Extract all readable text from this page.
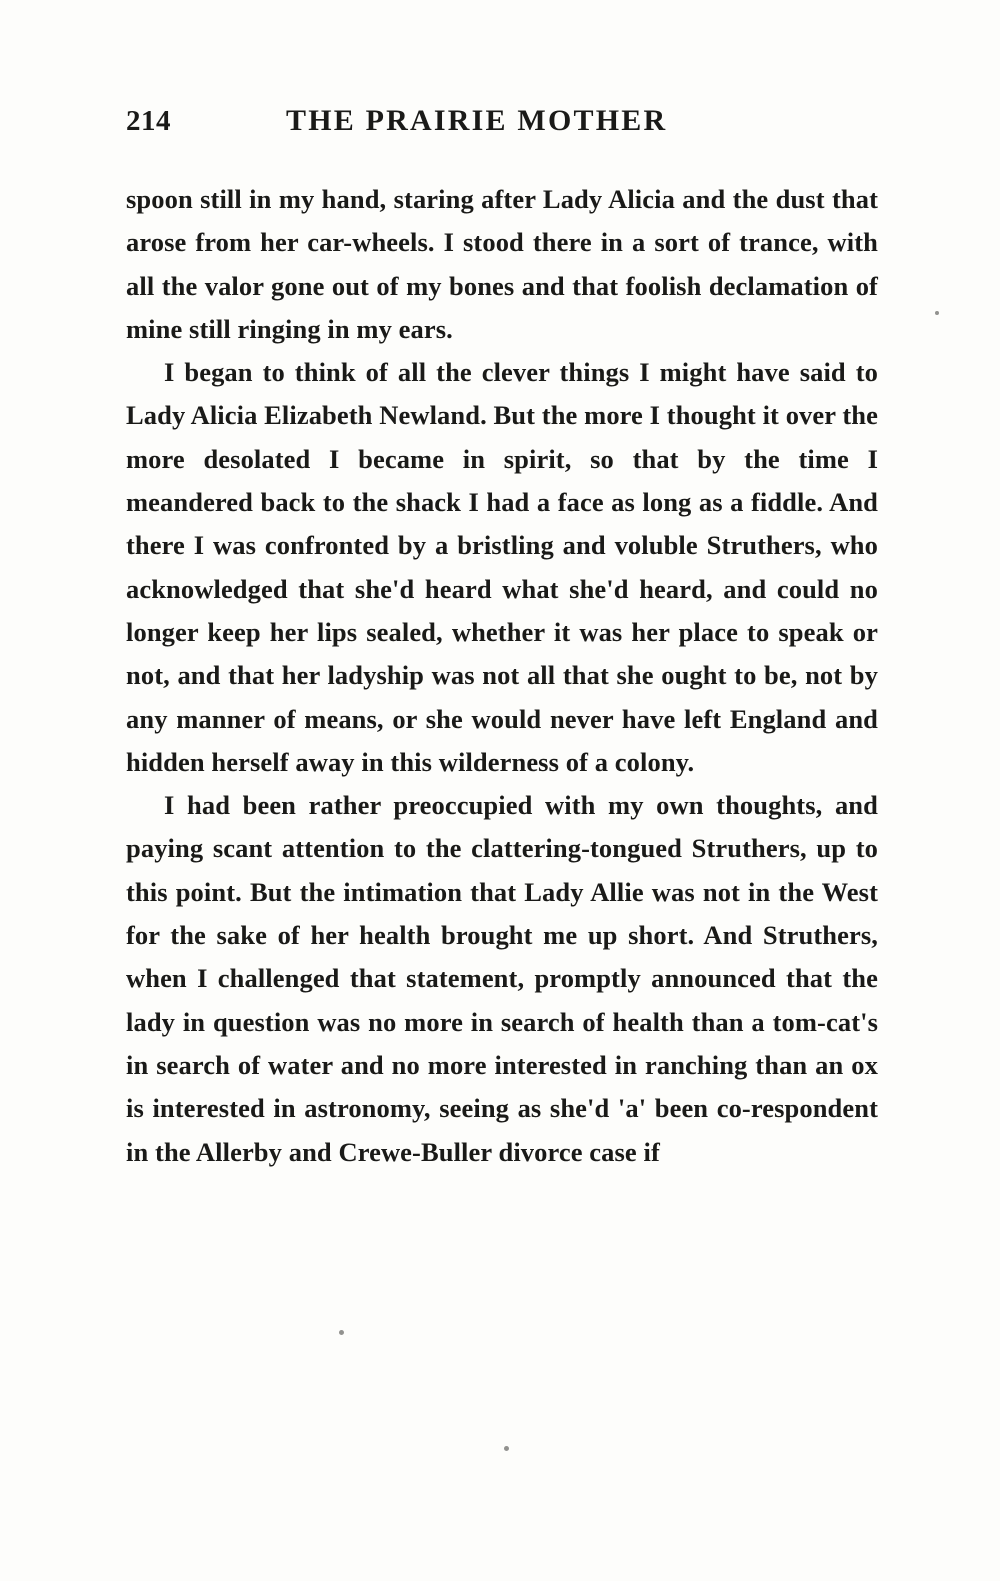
214	THE PRAIRIE MOTHER

spoon still in my hand, staring after Lady Alicia and the dust that arose from her car-wheels. I stood there in a sort of trance, with all the valor gone out of my bones and that foolish declamation of mine still ringing in my ears.

I began to think of all the clever things I might have said to Lady Alicia Elizabeth Newland. But the more I thought it over the more desolated I became in spirit, so that by the time I meandered back to the shack I had a face as long as a fiddle. And there I was confronted by a bristling and voluble Struthers, who acknowledged that she'd heard what she'd heard, and could no longer keep her lips sealed, whether it was her place to speak or not, and that her ladyship was not all that she ought to be, not by any manner of means, or she would never have left England and hidden herself away in this wilderness of a colony.

I had been rather preoccupied with my own thoughts, and paying scant attention to the clattering-tongued Struthers, up to this point. But the intimation that Lady Allie was not in the West for the sake of her health brought me up short. And Struthers, when I challenged that statement, promptly announced that the lady in question was no more in search of health than a tom-cat's in search of water and no more interested in ranching than an ox is interested in astronomy, seeing as she'd 'a' been co-respondent in the Allerby and Crewe-Buller divorce case if
